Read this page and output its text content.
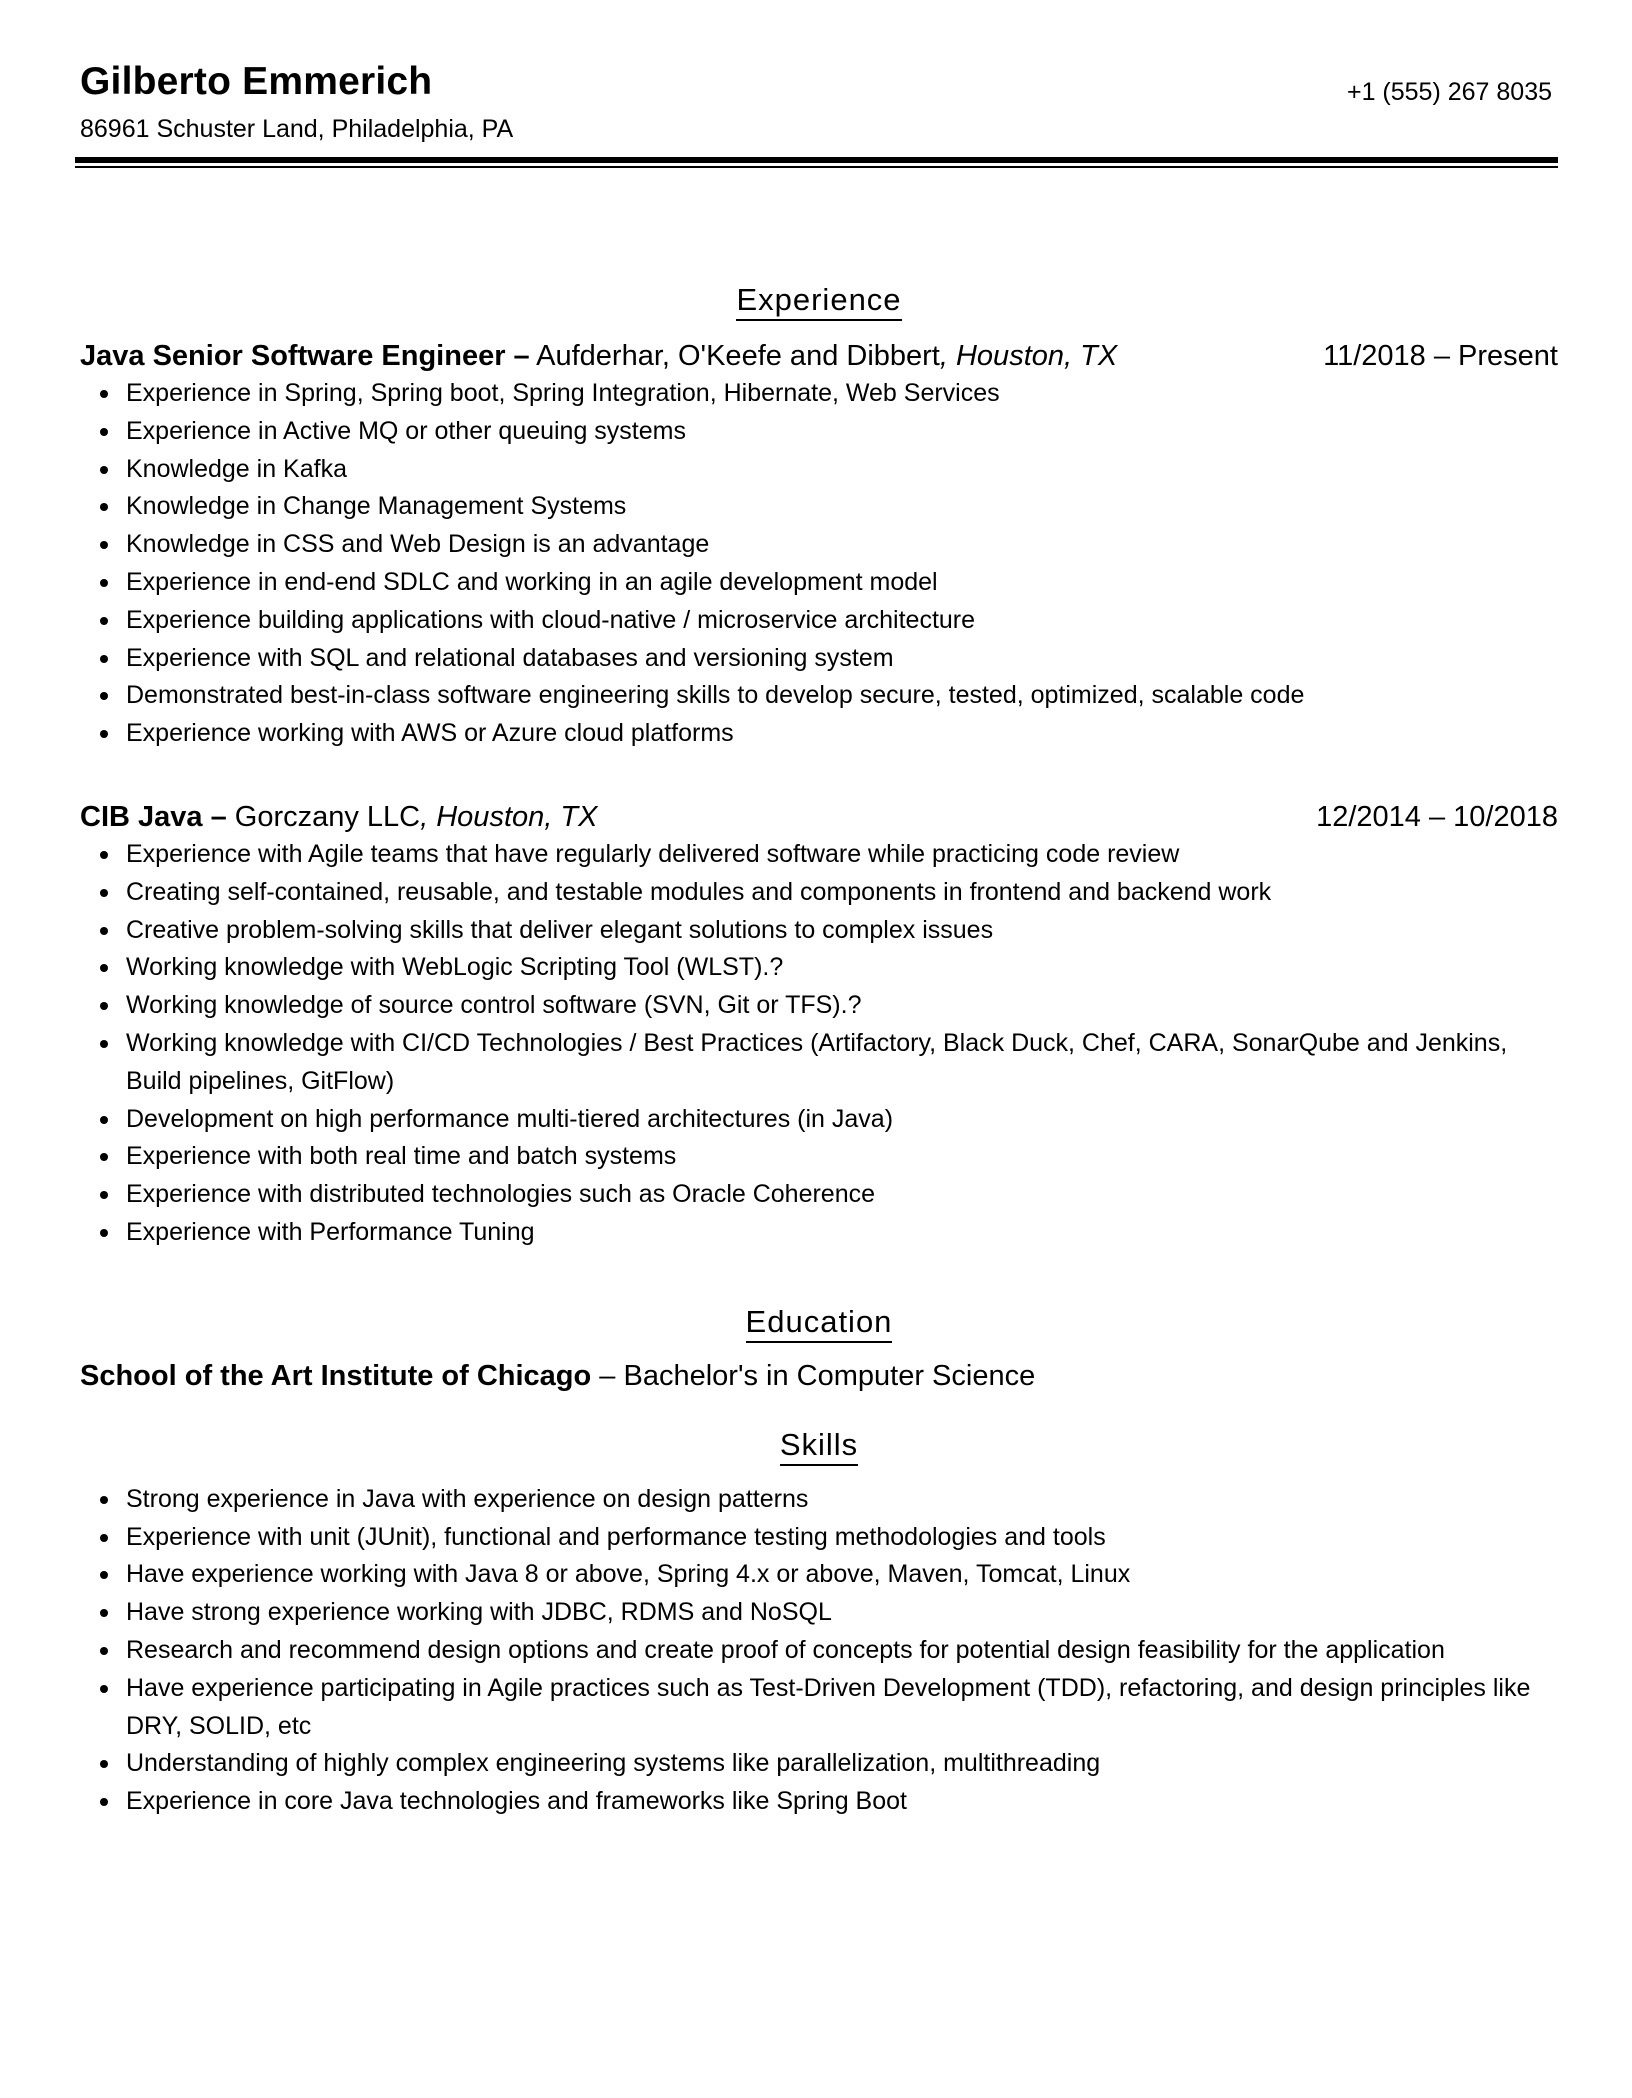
Gilberto Emmerich
86961 Schuster Land, Philadelphia, PA
+1 (555) 267 8035
Experience
Java Senior Software Engineer – Aufderhar, O'Keefe and Dibbert, Houston, TX	11/2018 – Present
Experience in Spring, Spring boot, Spring Integration, Hibernate, Web Services
Experience in Active MQ or other queuing systems
Knowledge in Kafka
Knowledge in Change Management Systems
Knowledge in CSS and Web Design is an advantage
Experience in end-end SDLC and working in an agile development model
Experience building applications with cloud-native / microservice architecture
Experience with SQL and relational databases and versioning system
Demonstrated best-in-class software engineering skills to develop secure, tested, optimized, scalable code
Experience working with AWS or Azure cloud platforms
CIB Java – Gorczany LLC, Houston, TX	12/2014 – 10/2018
Experience with Agile teams that have regularly delivered software while practicing code review
Creating self-contained, reusable, and testable modules and components in frontend and backend work
Creative problem-solving skills that deliver elegant solutions to complex issues
Working knowledge with WebLogic Scripting Tool (WLST).?
Working knowledge of source control software (SVN, Git or TFS).?
Working knowledge with CI/CD Technologies / Best Practices (Artifactory, Black Duck, Chef, CARA, SonarQube and Jenkins, Build pipelines, GitFlow)
Development on high performance multi-tiered architectures (in Java)
Experience with both real time and batch systems
Experience with distributed technologies such as Oracle Coherence
Experience with Performance Tuning
Education
School of the Art Institute of Chicago – Bachelor's in Computer Science
Skills
Strong experience in Java with experience on design patterns
Experience with unit (JUnit), functional and performance testing methodologies and tools
Have experience working with Java 8 or above, Spring 4.x or above, Maven, Tomcat, Linux
Have strong experience working with JDBC, RDMS and NoSQL
Research and recommend design options and create proof of concepts for potential design feasibility for the application
Have experience participating in Agile practices such as Test-Driven Development (TDD), refactoring, and design principles like DRY, SOLID, etc
Understanding of highly complex engineering systems like parallelization, multithreading
Experience in core Java technologies and frameworks like Spring Boot
